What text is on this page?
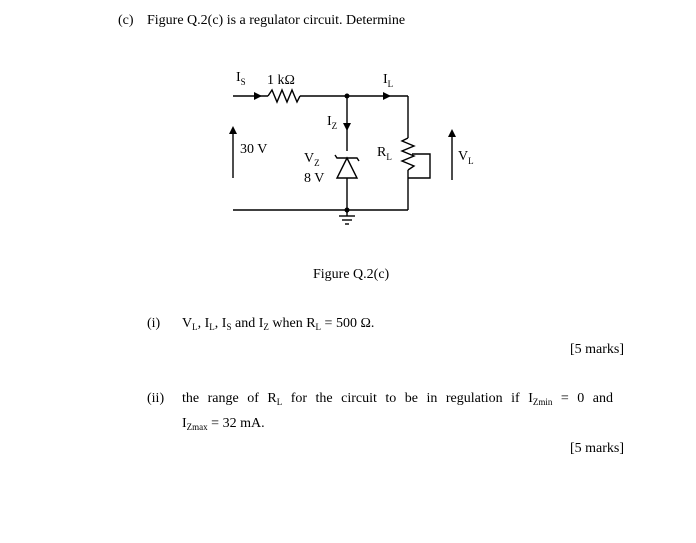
(c) Figure Q.2(c) is a regulator circuit. Determine
$I_S$ 1 kΩ	$I_L$
$I_Z$
30 V
$V_Z$
8 V
$R_L$	$V_L$
Figure Q.2(c)
(i) $V_L$, $I_L$, $I_S$ and $I_Z$ when $R_L = 500$ Ω.
[5 marks]
(ii) the range of $R_L$ for the circuit to be in regulation if $I_{Zmin} = 0$ and
$I_{Zmax} = 32$ mA.
[5 marks]
